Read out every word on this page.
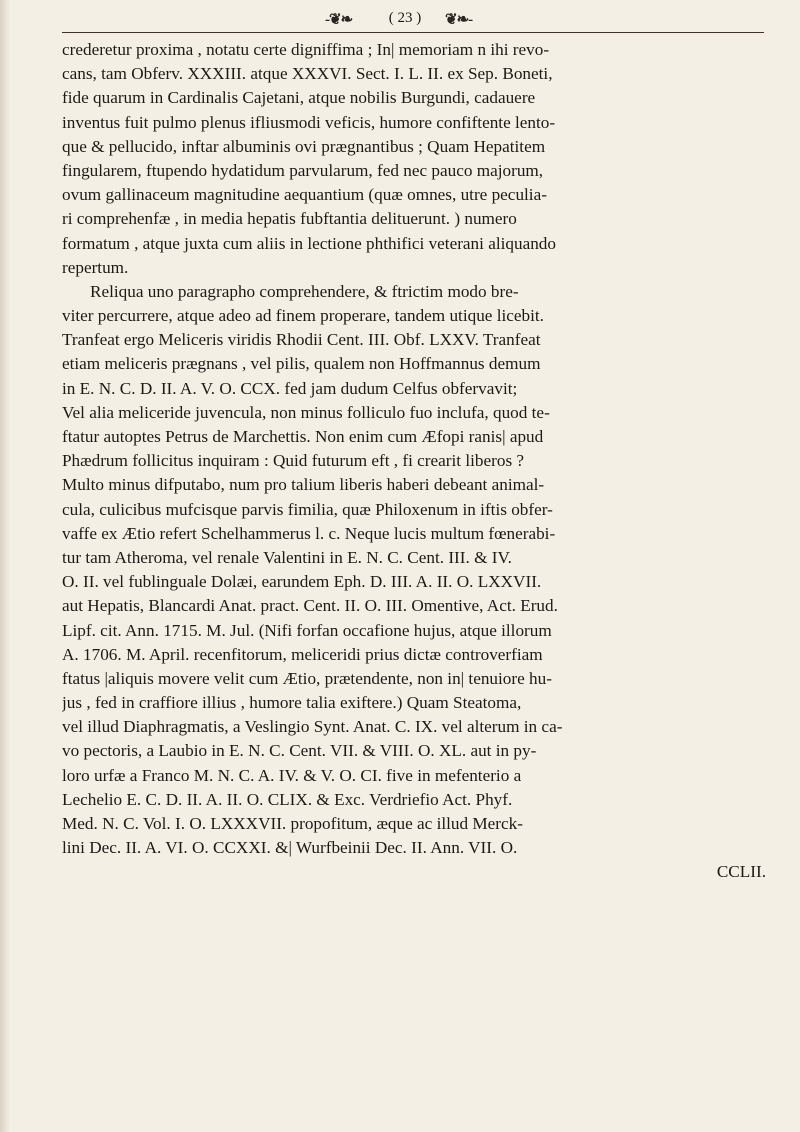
-❦❧	( 23 )	❦❧-
crederetur proxima , notatu certe digniffima ; In| memoriam n ihi revo-
cans, tam Obferv. XXXIII. atque XXXVI. Sect. I. L. II. ex Sep. Boneti,
fide quarum in Cardinalis Cajetani, atque nobilis Burgundi, cadauere
inventus fuit pulmo plenus ifliusmodi veficis, humore confiftente lento-
que & pellucido, inftar albuminis ovi prægnantibus ; Quam Hepatitem
fingularem, ftupendo hydatidum parvularum, fed nec pauco majorum,
ovum gallinaceum magnitudine aequantium (quæ omnes, utre peculia-
ri comprehenfæ , in media hepatis fubftantia delituerunt. ) numero
formatum , atque juxta cum aliis in lectione phthifici veterani aliquando
repertum.
Reliqua uno paragrapho comprehendere, & ftrictim modo bre-
viter percurrere, atque adeo ad finem properare, tandem utique licebit.
Tranfeat ergo Meliceris viridis Rhodii Cent. III. Obf. LXXV. Tranfeat
etiam meliceris prægnans , vel pilis, qualem non Hoffmannus demum
in E. N. C. D. II. A. V. O. CCX. fed jam dudum Celfus obfervavit;
Vel alia meliceride juvencula, non minus folliculo fuo inclufa, quod te-
ftatur autoptes Petrus de Marchettis. Non enim cum Æfopi ranis| apud
Phædrum follicitus inquiram : Quid futurum eft , fi crearit liberos ?
Multo minus difputabo, num pro talium liberis haberi debeant animal-
cula, culicibus mufcisque parvis fimilia, quæ Philoxenum in iftis obfer-
vaffe ex Ætio refert Schelhammerus l. c. Neque lucis multum fœnerabi-
tur tam Atheroma, vel renale Valentini in E. N. C. Cent. III. & IV.
O. II. vel fublinguale Dolæi, earundem Eph. D. III. A. II. O. LXXVII.
aut Hepatis, Blancardi Anat. pract. Cent. II. O. III. Omentive, Act. Erud.
Lipf. cit. Ann. 1715. M. Jul. (Nifi forfan occafione hujus, atque illorum
A. 1706. M. April. recenfitorum, meliceridi prius dictæ controverfiam
ftatus |aliquis movere velit cum Ætio, prætendente, non in| tenuiore hu-
jus , fed in craffiore illius , humore talia exiftere.) Quam Steatoma,
vel illud Diaphragmatis, a Veslingio Synt. Anat. C. IX. vel alterum in ca-
vo pectoris, a Laubio in E. N. C. Cent. VII. & VIII. O. XL. aut in py-
loro urfæ a Franco M. N. C. A. IV. & V. O. CI. five in mefenterio a
Lechelio E. C. D. II. A. II. O. CLIX. & Exc. Verdriefio Act. Phyf.
Med. N. C. Vol. I. O. LXXXVII. propofitum, æque ac illud Merck-
lini Dec. II. A. VI. O. CCXXI. &| Wurfbeinii Dec. II. Ann. VII. O.
CCLII.
